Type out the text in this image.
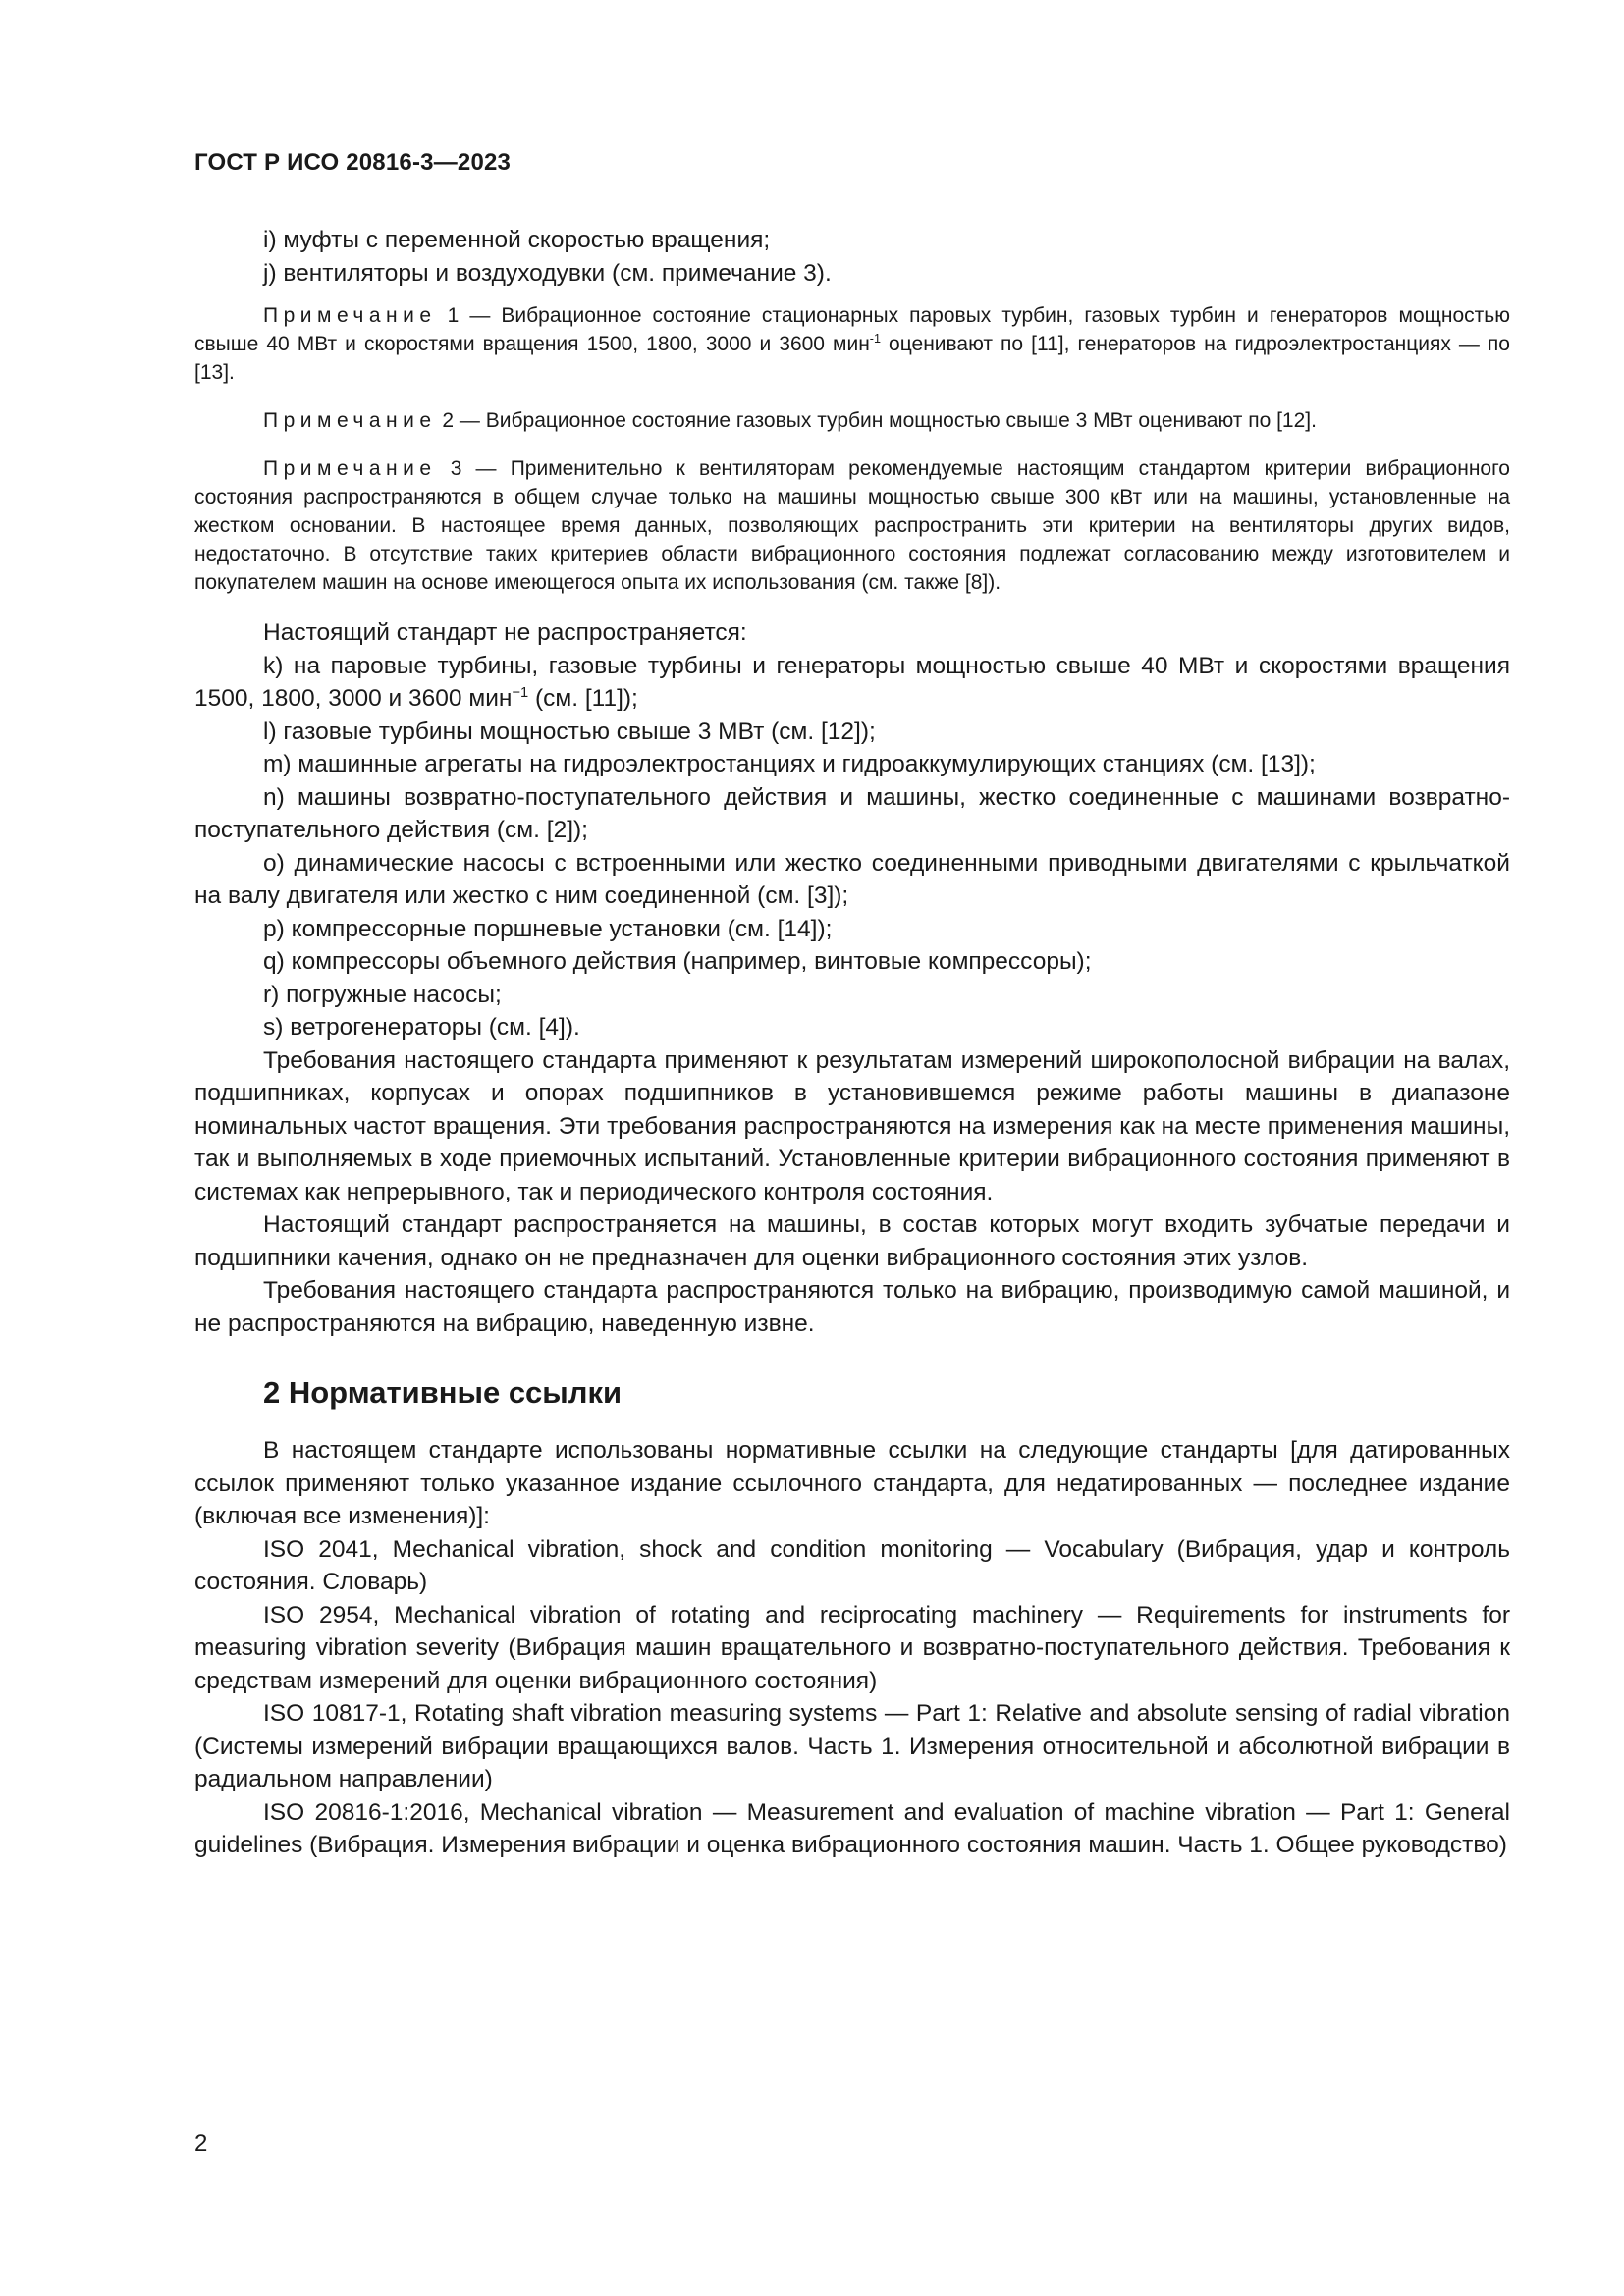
ГОСТ Р ИСО 20816-3—2023

i) муфты с переменной скоростью вращения;

j) вентиляторы и воздуходувки (см. примечание 3).

Примечание 1 — Вибрационное состояние стационарных паровых турбин, газовых турбин и генераторов мощностью свыше 40 МВт и скоростями вращения 1500, 1800, 3000 и 3600 мин$^{-1}$ оценивают по [11], генераторов на гидроэлектростанциях — по [13].

Примечание 2 — Вибрационное состояние газовых турбин мощностью свыше 3 МВт оценивают по [12].

Примечание 3 — Применительно к вентиляторам рекомендуемые настоящим стандартом критерии вибрационного состояния распространяются в общем случае только на машины мощностью свыше 300 кВт или на машины, установленные на жестком основании. В настоящее время данных, позволяющих распространить эти критерии на вентиляторы других видов, недостаточно. В отсутствие таких критериев области вибрационного состояния подлежат согласованию между изготовителем и покупателем машин на основе имеющегося опыта их использования (см. также [8]).

Настоящий стандарт не распространяется:

k) на паровые турбины, газовые турбины и генераторы мощностью свыше 40 МВт и скоростями вращения 1500, 1800, 3000 и 3600 мин$^{-1}$ (см. [11]);

l) газовые турбины мощностью свыше 3 МВт (см. [12]);

m) машинные агрегаты на гидроэлектростанциях и гидроаккумулирующих станциях (см. [13]);

n) машины возвратно-поступательного действия и машины, жестко соединенные с машинами возвратно-поступательного действия (см. [2]);

o) динамические насосы с встроенными или жестко соединенными приводными двигателями с крыльчаткой на валу двигателя или жестко с ним соединенной (см. [3]);

p) компрессорные поршневые установки (см. [14]);

q) компрессоры объемного действия (например, винтовые компрессоры);

r) погружные насосы;

s) ветрогенераторы (см. [4]).

Требования настоящего стандарта применяют к результатам измерений широкополосной вибрации на валах, подшипниках, корпусах и опорах подшипников в установившемся режиме работы машины в диапазоне номинальных частот вращения. Эти требования распространяются на измерения как на месте применения машины, так и выполняемых в ходе приемочных испытаний. Установленные критерии вибрационного состояния применяют в системах как непрерывного, так и периодического контроля состояния.

Настоящий стандарт распространяется на машины, в состав которых могут входить зубчатые передачи и подшипники качения, однако он не предназначен для оценки вибрационного состояния этих узлов.

Требования настоящего стандарта распространяются только на вибрацию, производимую самой машиной, и не распространяются на вибрацию, наведенную извне.

2 Нормативные ссылки

В настоящем стандарте использованы нормативные ссылки на следующие стандарты [для датированных ссылок применяют только указанное издание ссылочного стандарта, для недатированных — последнее издание (включая все изменения)]:

ISO 2041, Mechanical vibration, shock and condition monitoring — Vocabulary (Вибрация, удар и контроль состояния. Словарь)

ISO 2954, Mechanical vibration of rotating and reciprocating machinery — Requirements for instruments for measuring vibration severity (Вибрация машин вращательного и возвратно-поступательного действия. Требования к средствам измерений для оценки вибрационного состояния)

ISO 10817-1, Rotating shaft vibration measuring systems — Part 1: Relative and absolute sensing of radial vibration (Системы измерений вибрации вращающихся валов. Часть 1. Измерения относительной и абсолютной вибрации в радиальном направлении)

ISO 20816-1:2016, Mechanical vibration — Measurement and evaluation of machine vibration — Part 1: General guidelines (Вибрация. Измерения вибрации и оценка вибрационного состояния машин. Часть 1. Общее руководство)

2
